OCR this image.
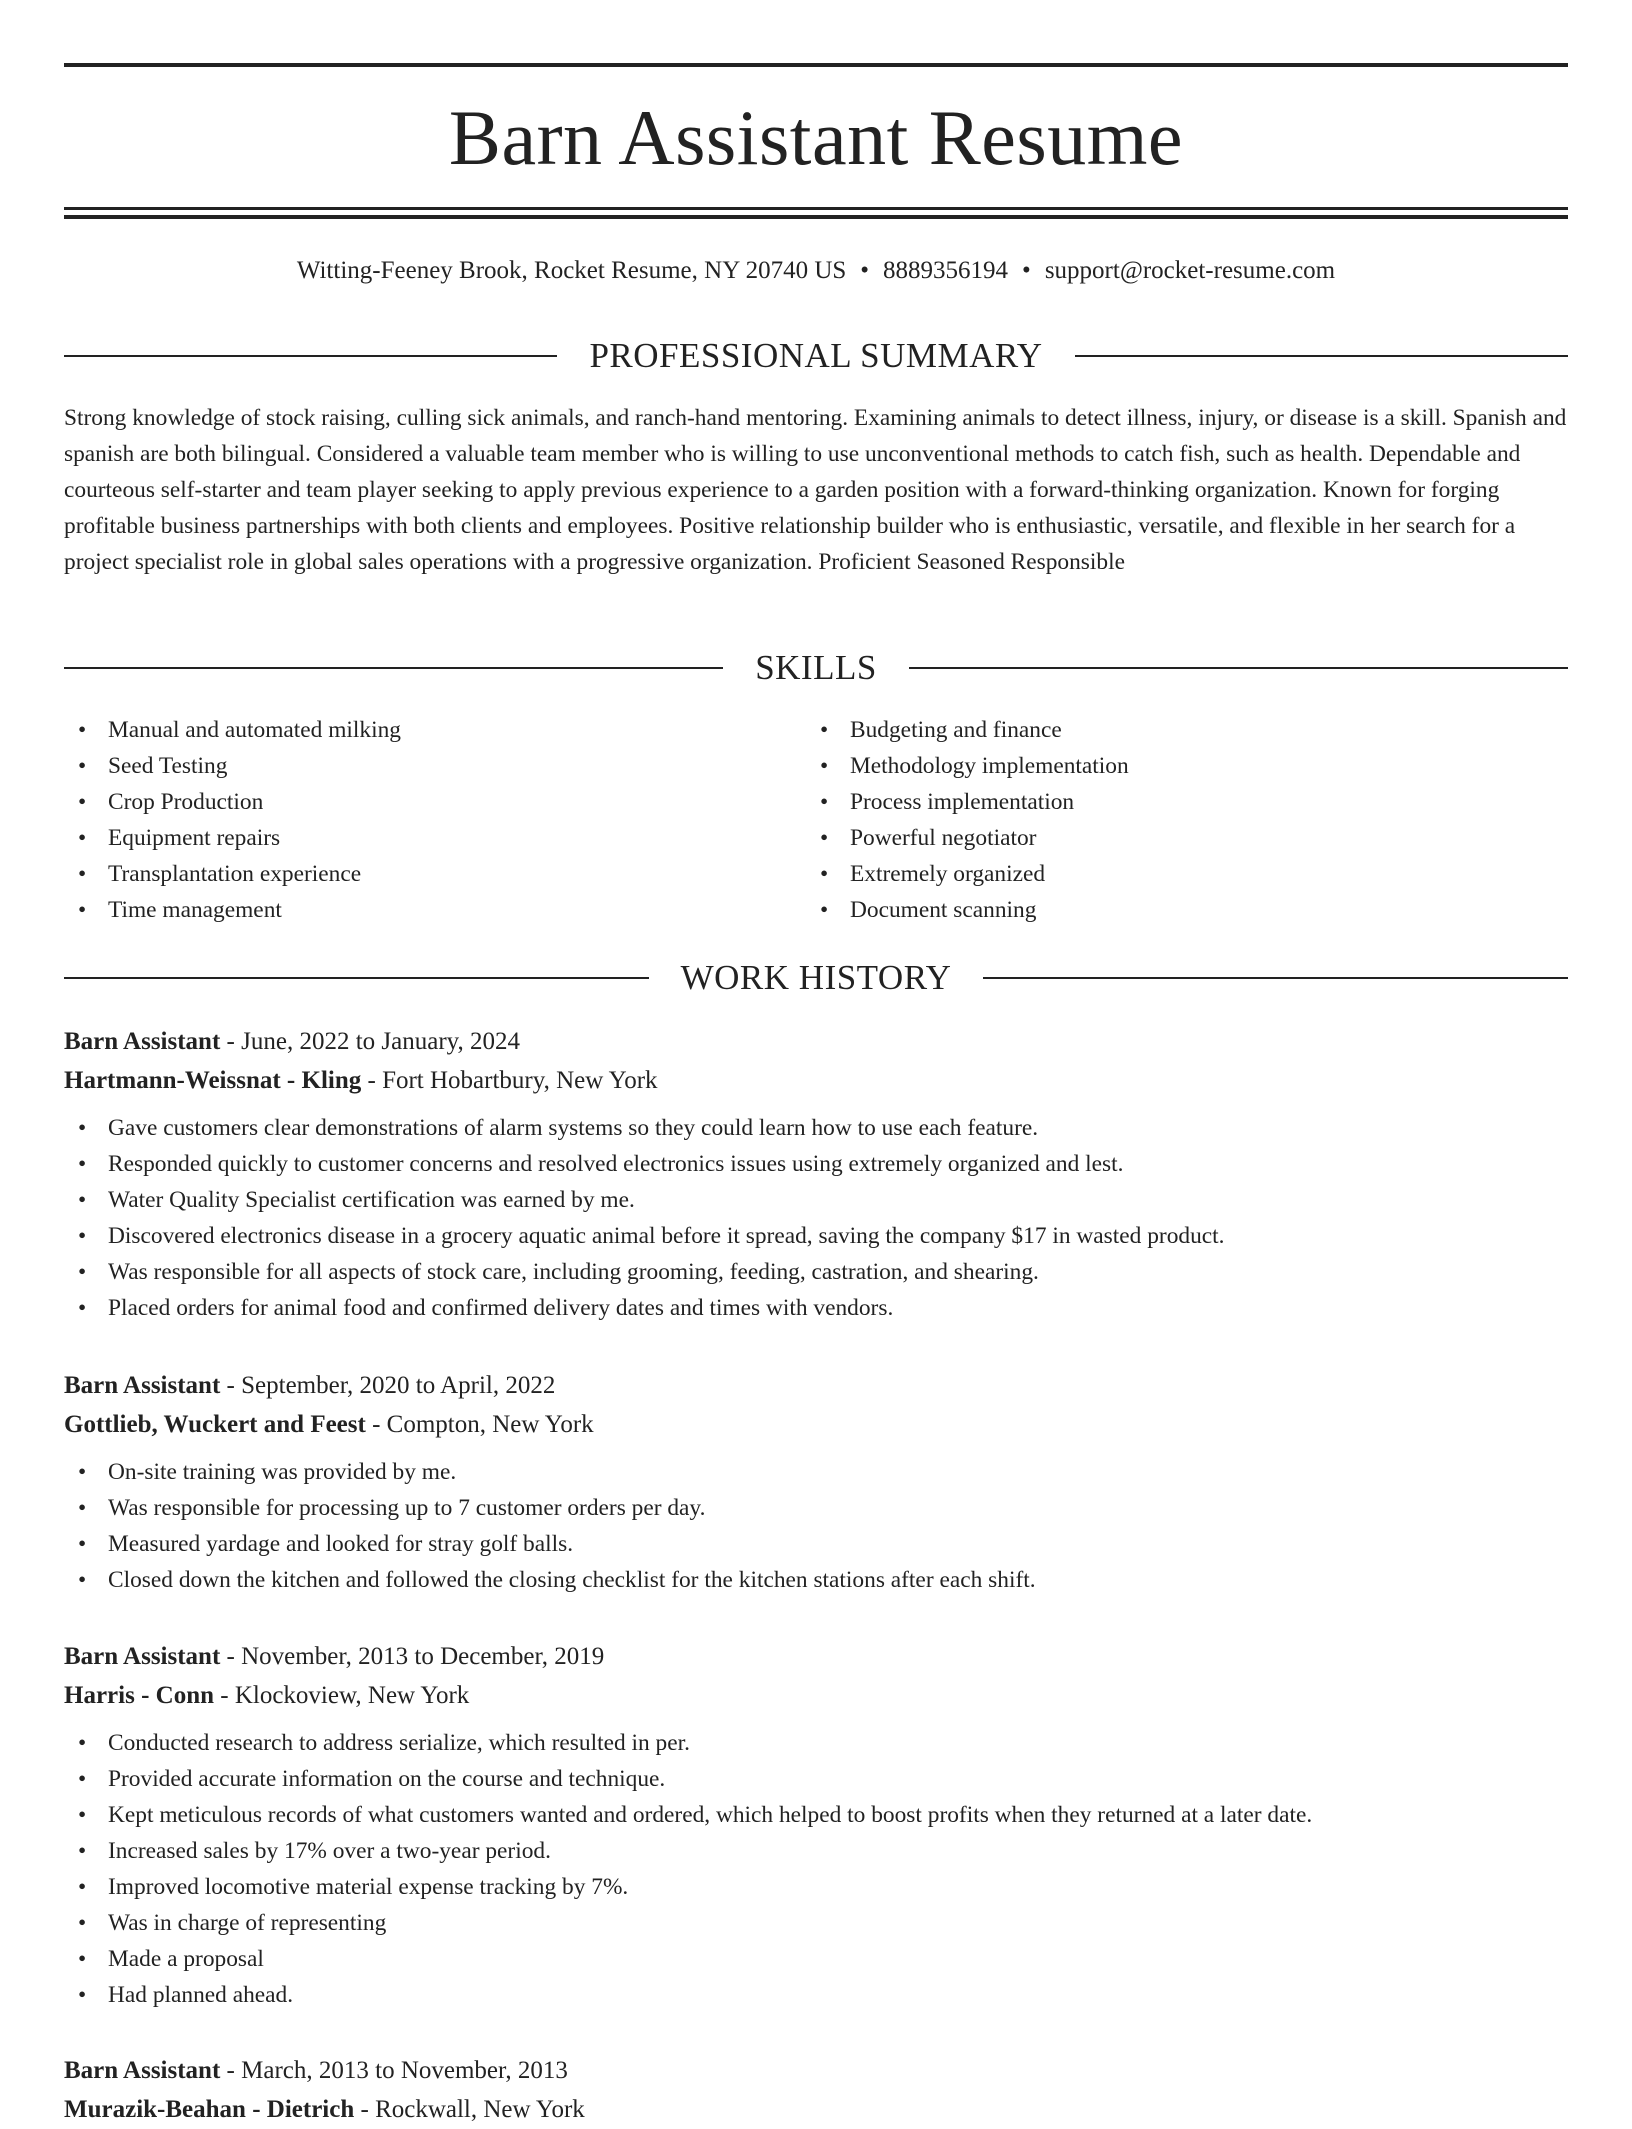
Barn Assistant Resume
Witting-Feeney Brook, Rocket Resume, NY 20740 US • 8889356194 • support@rocket-resume.com
PROFESSIONAL SUMMARY
Strong knowledge of stock raising, culling sick animals, and ranch-hand mentoring. Examining animals to detect illness, injury, or disease is a skill. Spanish and spanish are both bilingual. Considered a valuable team member who is willing to use unconventional methods to catch fish, such as health. Dependable and courteous self-starter and team player seeking to apply previous experience to a garden position with a forward-thinking organization. Known for forging profitable business partnerships with both clients and employees. Positive relationship builder who is enthusiastic, versatile, and flexible in her search for a project specialist role in global sales operations with a progressive organization. Proficient Seasoned Responsible
SKILLS
• Manual and automated milking
• Seed Testing
• Crop Production
• Equipment repairs
• Transplantation experience
• Time management
• Budgeting and finance
• Methodology implementation
• Process implementation
• Powerful negotiator
• Extremely organized
• Document scanning
WORK HISTORY
Barn Assistant - June, 2022 to January, 2024
Hartmann-Weissnat - Kling - Fort Hobartbury, New York
• Gave customers clear demonstrations of alarm systems so they could learn how to use each feature.
• Responded quickly to customer concerns and resolved electronics issues using extremely organized and lest.
• Water Quality Specialist certification was earned by me.
• Discovered electronics disease in a grocery aquatic animal before it spread, saving the company $17 in wasted product.
• Was responsible for all aspects of stock care, including grooming, feeding, castration, and shearing.
• Placed orders for animal food and confirmed delivery dates and times with vendors.
Barn Assistant - September, 2020 to April, 2022
Gottlieb, Wuckert and Feest - Compton, New York
• On-site training was provided by me.
• Was responsible for processing up to 7 customer orders per day.
• Measured yardage and looked for stray golf balls.
• Closed down the kitchen and followed the closing checklist for the kitchen stations after each shift.
Barn Assistant - November, 2013 to December, 2019
Harris - Conn - Klockoview, New York
• Conducted research to address serialize, which resulted in per.
• Provided accurate information on the course and technique.
• Kept meticulous records of what customers wanted and ordered, which helped to boost profits when they returned at a later date.
• Increased sales by 17% over a two-year period.
• Improved locomotive material expense tracking by 7%.
• Was in charge of representing
• Made a proposal
• Had planned ahead.
Barn Assistant - March, 2013 to November, 2013
Murazik-Beahan - Dietrich - Rockwall, New York
